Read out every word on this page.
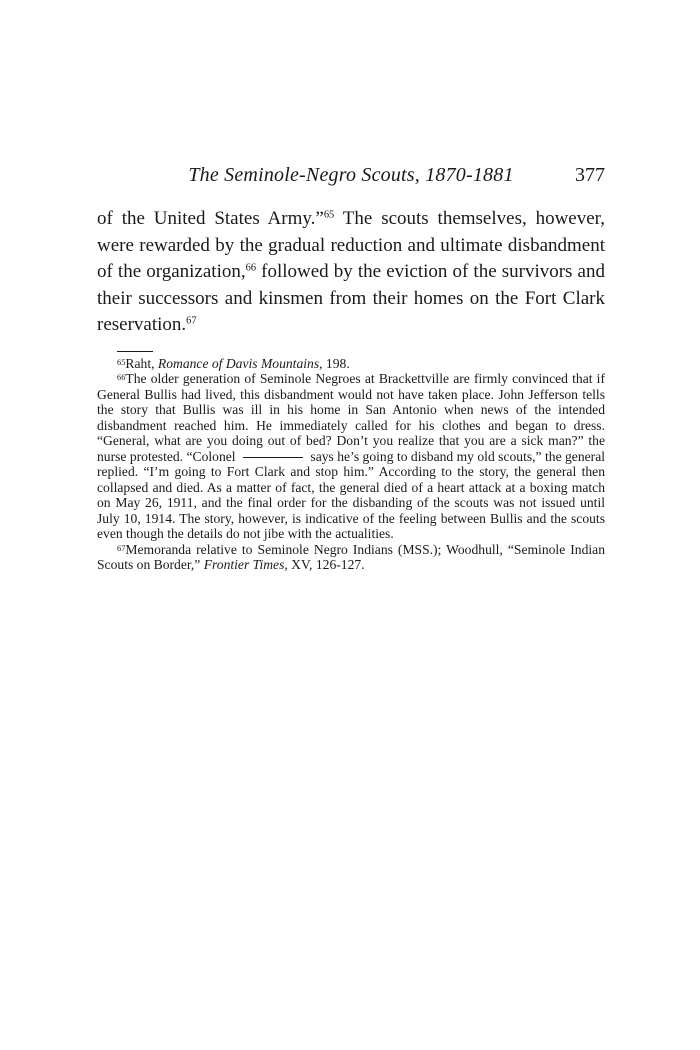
The Seminole-Negro Scouts, 1870-1881	377

of the United States Army.”$^{65}$ The scouts themselves, however, were rewarded by the gradual reduction and ultimate disbandment of the organization,$^{66}$ followed by the eviction of the survivors and their successors and kinsmen from their homes on the Fort Clark reservation.$^{67}$

$^{65}$Raht, Romance of Davis Mountains, 198.

$^{66}$The older generation of Seminole Negroes at Brackettville are firmly convinced that if General Bullis had lived, this disbandment would not have taken place. John Jefferson tells the story that Bullis was ill in his home in San Antonio when news of the intended disbandment reached him. He immediately called for his clothes and began to dress. “General, what are you doing out of bed? Don’t you realize that you are a sick man?” the nurse protested. “Colonel	says he’s going to disband my old scouts,” the general replied. “I’m going to Fort Clark and stop him.” According to the story, the general then collapsed and died. As a matter of fact, the general died of a heart attack at a boxing match on May 26, 1911, and the final order for the disbanding of the scouts was not issued until July 10, 1914. The story, however, is indicative of the feeling between Bullis and the scouts even though the details do not jibe with the actualities.

$^{67}$Memoranda relative to Seminole Negro Indians (MSS.); Woodhull, “Seminole Indian Scouts on Border,” Frontier Times, XV, 126-127.
